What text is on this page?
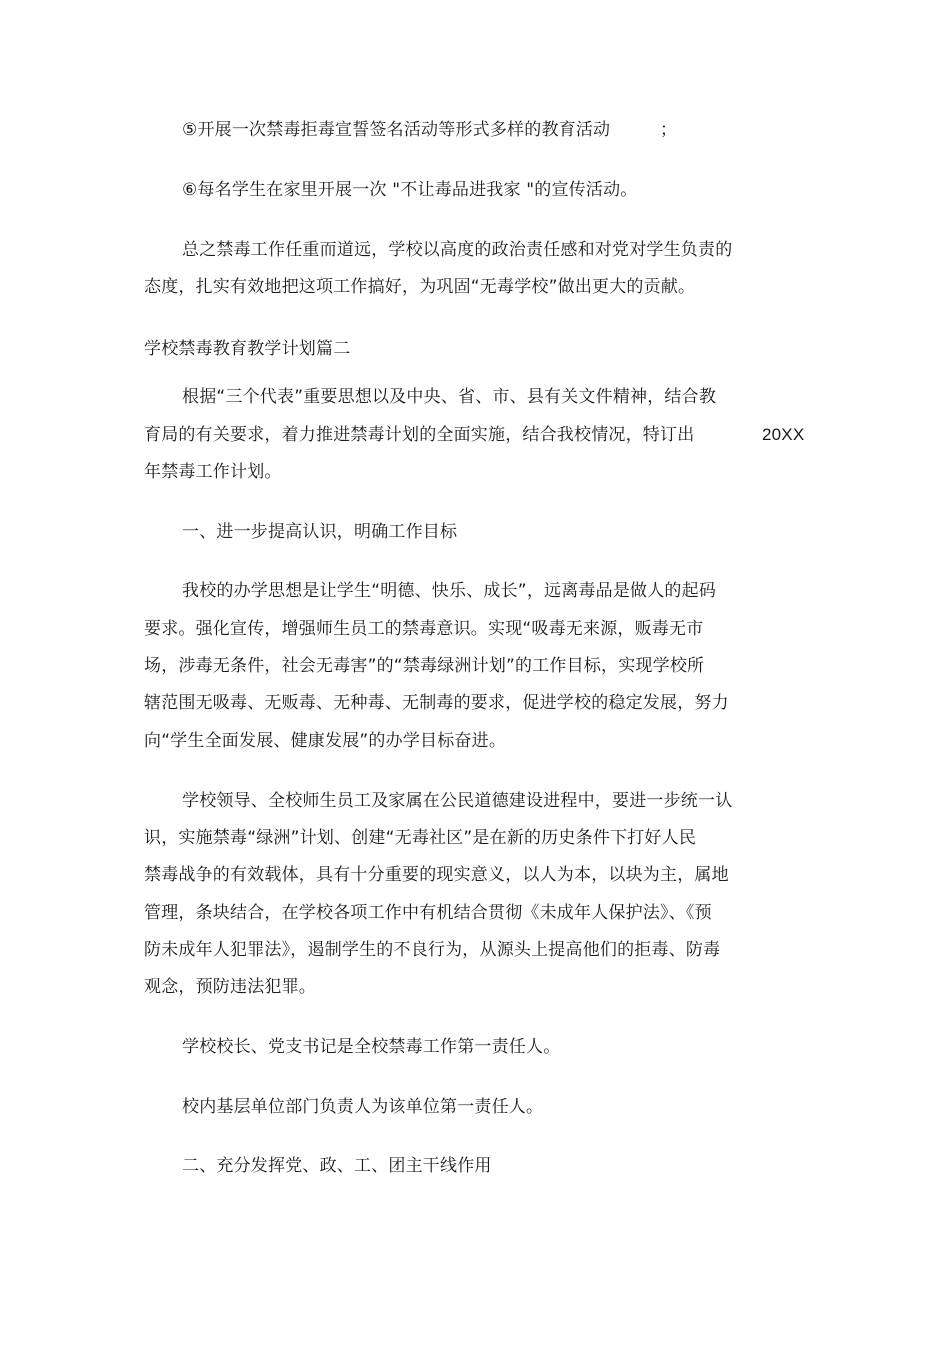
⑤开展一次禁毒拒毒宣誓签名活动等形式多样的教育活动	；
⑥每名学生在家里开展一次 "不让毒品进我家 "的宣传活动。
总之禁毒工作任重而道远，学校以高度的政治责任感和对党对学生负责的
态度，扎实有效地把这项工作搞好，为巩固“无毒学校”做出更大的贡献。
学校禁毒教育教学计划篇二
根据“三个代表”重要思想以及中央、省、市、县有关文件精神，结合教
育局的有关要求，着力推进禁毒计划的全面实施，结合我校情况，特订出	20XX
年禁毒工作计划。
一、进一步提高认识，明确工作目标
我校的办学思想是让学生“明德、快乐、成长”，远离毒品是做人的起码
要求。强化宣传，增强师生员工的禁毒意识。实现“吸毒无来源，贩毒无市
场，涉毒无条件，社会无毒害”的“禁毒绿洲计划”的工作目标，实现学校所
辖范围无吸毒、无贩毒、无种毒、无制毒的要求，促进学校的稳定发展，努力
向“学生全面发展、健康发展”的办学目标奋进。
学校领导、全校师生员工及家属在公民道德建设进程中，要进一步统一认
识，实施禁毒“绿洲”计划、创建“无毒社区”是在新的历史条件下打好人民
禁毒战争的有效载体，具有十分重要的现实意义，以人为本，以块为主，属地
管理，条块结合，在学校各项工作中有机结合贯彻《未成年人保护法》、《预
防未成年人犯罪法》，遏制学生的不良行为，从源头上提高他们的拒毒、防毒
观念，预防违法犯罪。
学校校长、党支书记是全校禁毒工作第一责任人。
校内基层单位部门负责人为该单位第一责任人。
二、充分发挥党、政、工、团主干线作用
